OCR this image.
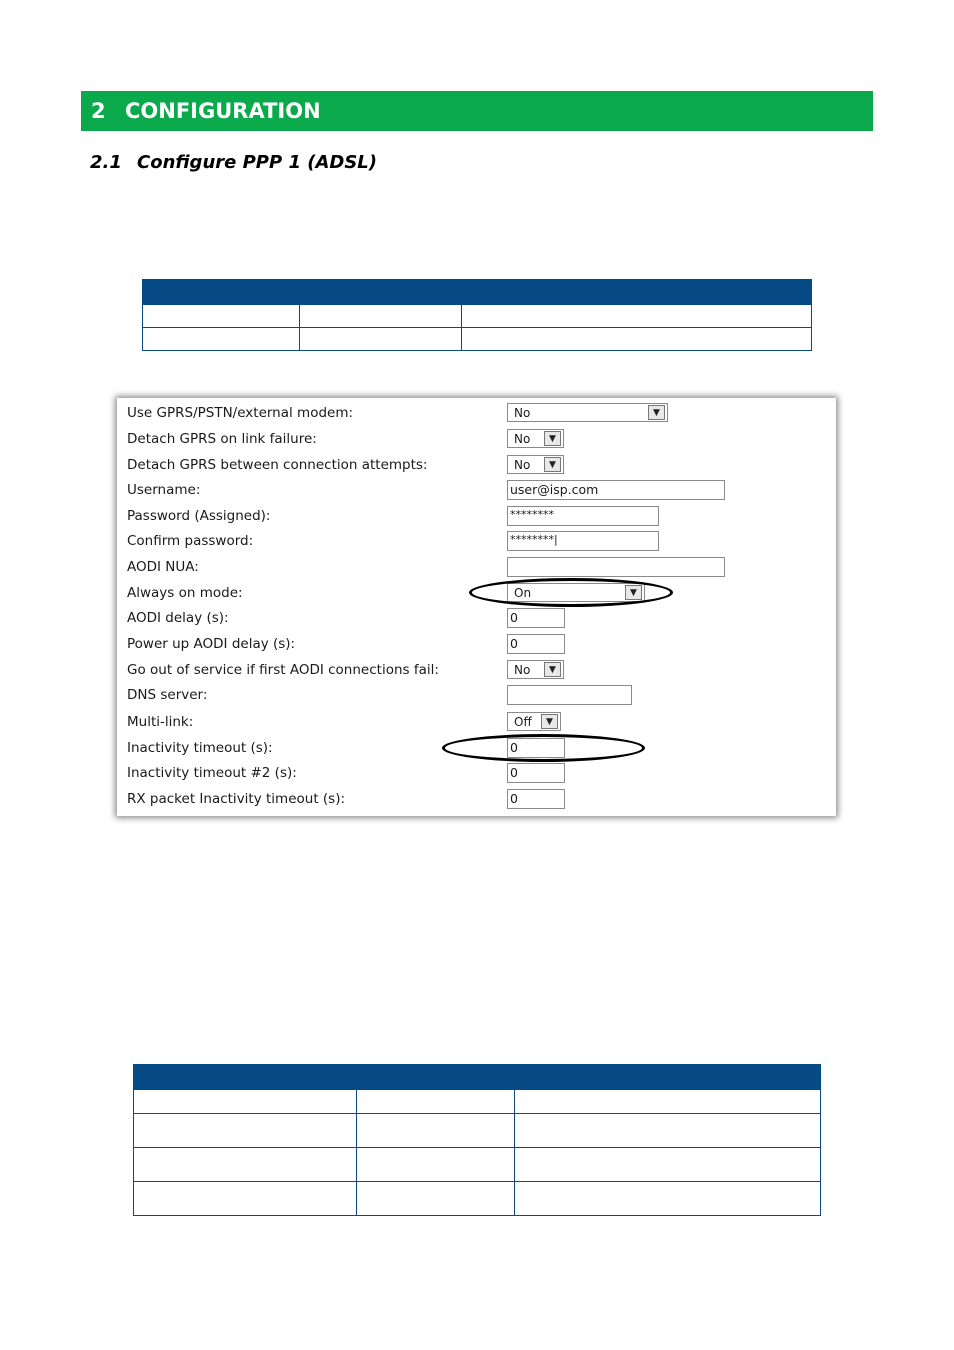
2 CONFIGURATION
2.1 Configure PPP 1 (ADSL)

Use GPRS/PSTN/external modem:	No	▼
Detach GPRS on link failure:	No	▼
Detach GPRS between connection attempts:	No	▼
Username:	user@isp.com
Password (Assigned):	********
Confirm password:	********|
AODI NUA:
Always on mode:	On	▼
AODI delay (s):	0
Power up AODI delay (s):	0
Go out of service if first AODI connections fail:	No	▼
DNS server:
Multi-link:	Off	▼
Inactivity timeout (s):	0
Inactivity timeout #2 (s):	0
RX packet Inactivity timeout (s):	0
